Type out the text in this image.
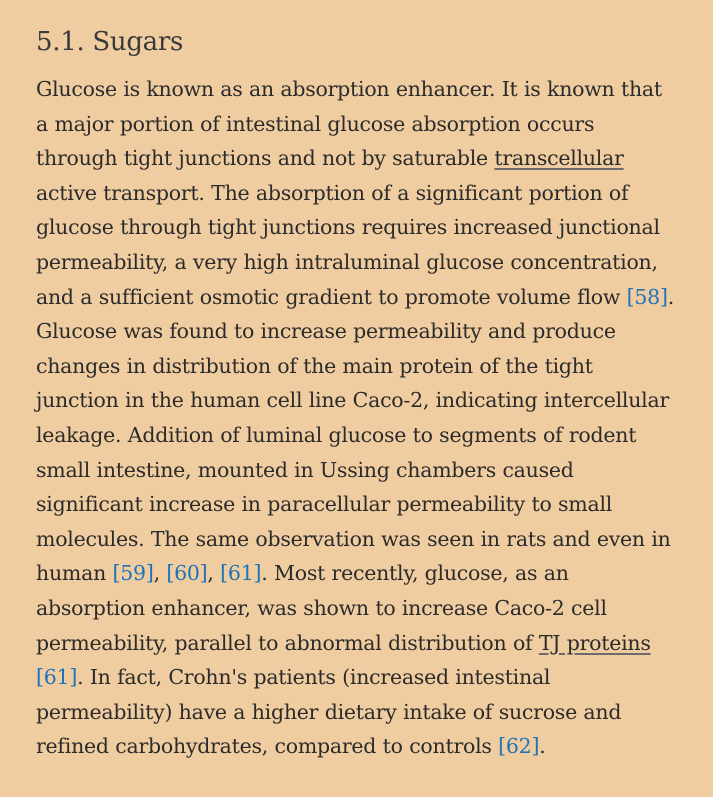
5.1. Sugars

Glucose is known as an absorption enhancer. It is known that a major portion of intestinal glucose absorption occurs through tight junctions and not by saturable transcellular active transport. The absorption of a significant portion of glucose through tight junctions requires increased junctional permeability, a very high intraluminal glucose concentration, and a sufficient osmotic gradient to promote volume flow [58]. Glucose was found to increase permeability and produce changes in distribution of the main protein of the tight junction in the human cell line Caco-2, indicating intercellular leakage. Addition of luminal glucose to segments of rodent small intestine, mounted in Ussing chambers caused significant increase in paracellular permeability to small molecules. The same observation was seen in rats and even in human [59], [60], [61]. Most recently, glucose, as an absorption enhancer, was shown to increase Caco-2 cell permeability, parallel to abnormal distribution of TJ proteins [61]. In fact, Crohn's patients (increased intestinal permeability) have a higher dietary intake of sucrose and refined carbohydrates, compared to controls [62].
